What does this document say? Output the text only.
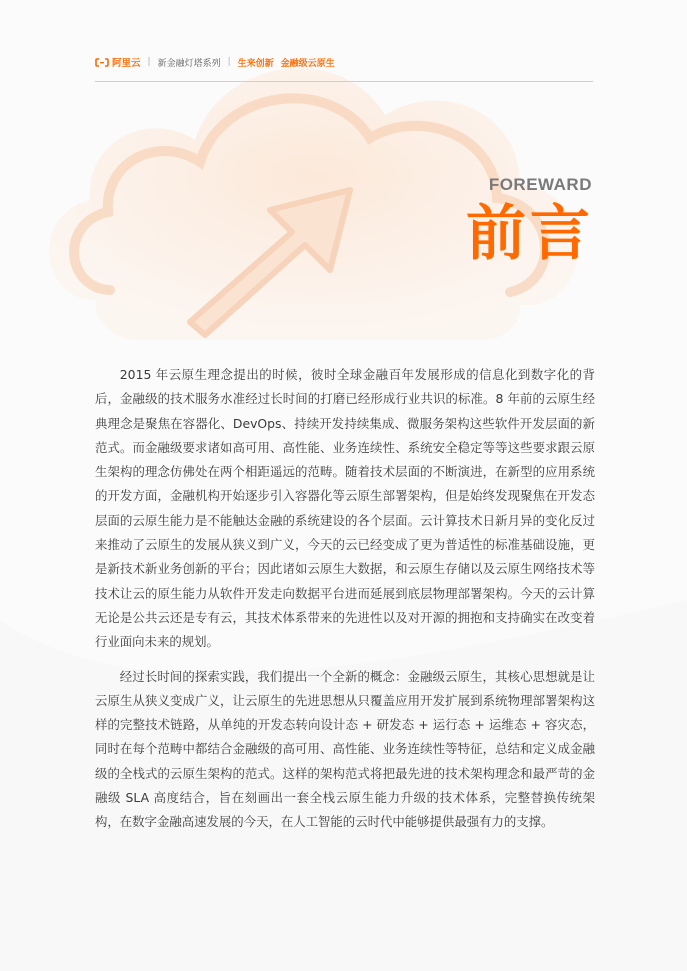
阿里云 | 新金融灯塔系列 | 生来创新 金融级云原生
FOREWARD
前言

2015 年云原生理念提出的时候，彼时全球金融百年发展形成的信息化到数字化的背后，金融级的技术服务水准经过长时间的打磨已经形成行业共识的标准。8 年前的云原生经典理念是聚焦在容器化、DevOps、持续开发持续集成、微服务架构这些软件开发层面的新范式。而金融级要求诸如高可用、高性能、业务连续性、系统安全稳定等等这些要求跟云原生架构的理念仿佛处在两个相距遥远的范畴。随着技术层面的不断演进，在新型的应用系统的开发方面，金融机构开始逐步引入容器化等云原生部署架构，但是始终发现聚焦在开发态层面的云原生能力是不能触达金融的系统建设的各个层面。云计算技术日新月异的变化反过来推动了云原生的发展从狭义到广义，今天的云已经变成了更为普适性的标准基础设施，更是新技术新业务创新的平台；因此诸如云原生大数据，和云原生存储以及云原生网络技术等技术让云的原生能力从软件开发走向数据平台进而延展到底层物理部署架构。今天的云计算无论是公共云还是专有云，其技术体系带来的先进性以及对开源的拥抱和支持确实在改变着行业面向未来的规划。

经过长时间的探索实践，我们提出一个全新的概念：金融级云原生，其核心思想就是让云原生从狭义变成广义，让云原生的先进思想从只覆盖应用开发扩展到系统物理部署架构这样的完整技术链路，从单纯的开发态转向设计态 + 研发态 + 运行态 + 运维态 + 容灾态，同时在每个范畴中都结合金融级的高可用、高性能、业务连续性等特征，总结和定义成金融级的全栈式的云原生架构的范式。这样的架构范式将把最先进的技术架构理念和最严苛的金融级 SLA 高度结合，旨在刻画出一套全栈云原生能力升级的技术体系，完整替换传统架构，在数字金融高速发展的今天，在人工智能的云时代中能够提供最强有力的支撑。
